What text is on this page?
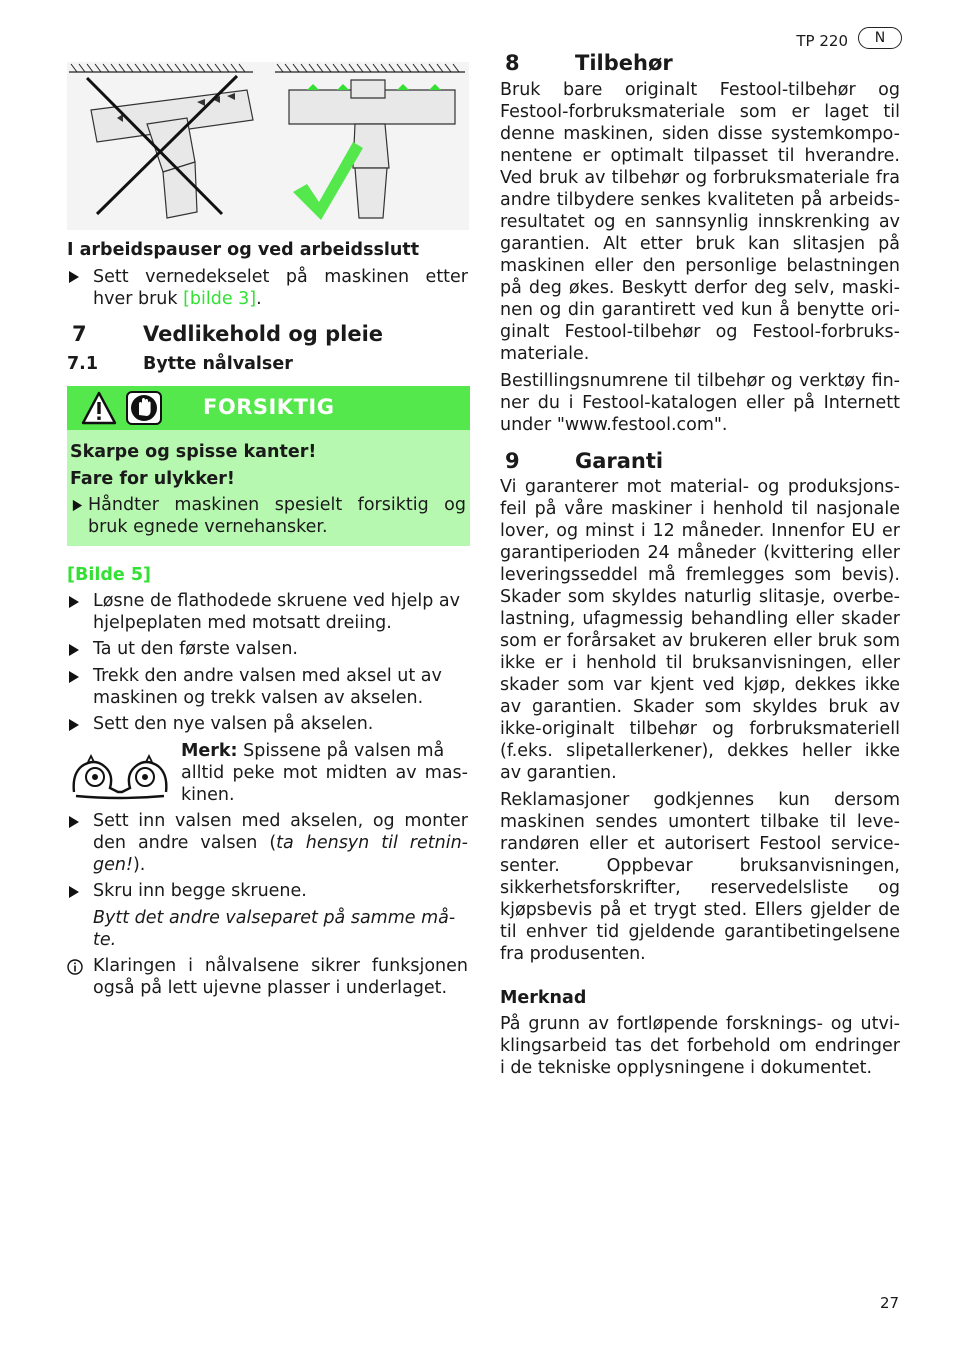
TP 220	N
I arbeidspauser og ved arbeidsslutt
Sett vernedekselet på maskinen etter
hver bruk [bilde 3].
7	Vedlikehold og pleie
7.1	Bytte nålvalser
FORSIKTIG
Skarpe og spisse kanter!
Fare for ulykker!
Håndter maskinen spesielt forsiktig og
bruk egnede vernehansker.
[Bilde 5]
Løsne de flathodede skruene ved hjelp av
hjelpeplaten med motsatt dreiing.
Ta ut den første valsen.
Trekk den andre valsen med aksel ut av
maskinen og trekk valsen av akselen.
Sett den nye valsen på akselen.
Merk: Spissene på valsen må
alltid peke mot midten av mas-
kinen.
Sett inn valsen med akselen, og monter
den andre valsen (ta hensyn til retnin-
gen!).
Skru inn begge skruene.
Bytt det andre valseparet på samme må-
te.
Klaringen i nålvalsene sikrer funksjonen
også på lett ujevne plasser i underlaget.
8	Tilbehør
Bruk bare originalt Festool-tilbehør og
Festool-forbruksmateriale som er laget til
denne maskinen, siden disse systemkompo-
nentene er optimalt tilpasset til hverandre.
Ved bruk av tilbehør og forbruksmateriale fra
andre tilbydere senkes kvaliteten på arbeids-
resultatet og en sannsynlig innskrenking av
garantien. Alt etter bruk kan slitasjen på
maskinen eller den personlige belastningen
på deg økes. Beskytt derfor deg selv, maski-
nen og din garantirett ved kun å benytte ori-
ginalt Festool-tilbehør og Festool-forbruks-
materiale.
Bestillingsnumrene til tilbehør og verktøy fin-
ner du i Festool-katalogen eller på Internett
under "www.festool.com".
9	Garanti
Vi garanterer mot material- og produksjons-
feil på våre maskiner i henhold til nasjonale
lover, og minst i 12 måneder. Innenfor EU er
garantiperioden 24 måneder (kvittering eller
leveringsseddel må fremlegges som bevis).
Skader som skyldes naturlig slitasje, overbe-
lastning, ufagmessig behandling eller skader
som er forårsaket av brukeren eller bruk som
ikke er i henhold til bruksanvisningen, eller
skader som var kjent ved kjøp, dekkes ikke
av garantien. Skader som skyldes bruk av
ikke-originalt tilbehør og forbruksmateriell
(f.eks. slipetallerkener), dekkes heller ikke
av garantien.
Reklamasjoner godkjennes kun dersom
maskinen sendes umontert tilbake til leve-
randøren eller et autorisert Festool service-
senter. Oppbevar bruksanvisningen,
sikkerhetsforskrifter, reservedelsliste og
kjøpsbevis på et trygt sted. Ellers gjelder de
til enhver tid gjeldende garantibetingelsene
fra produsenten.
Merknad
På grunn av fortløpende forsknings- og utvi-
klingsarbeid tas det forbehold om endringer
i de tekniske opplysningene i dokumentet.
27
